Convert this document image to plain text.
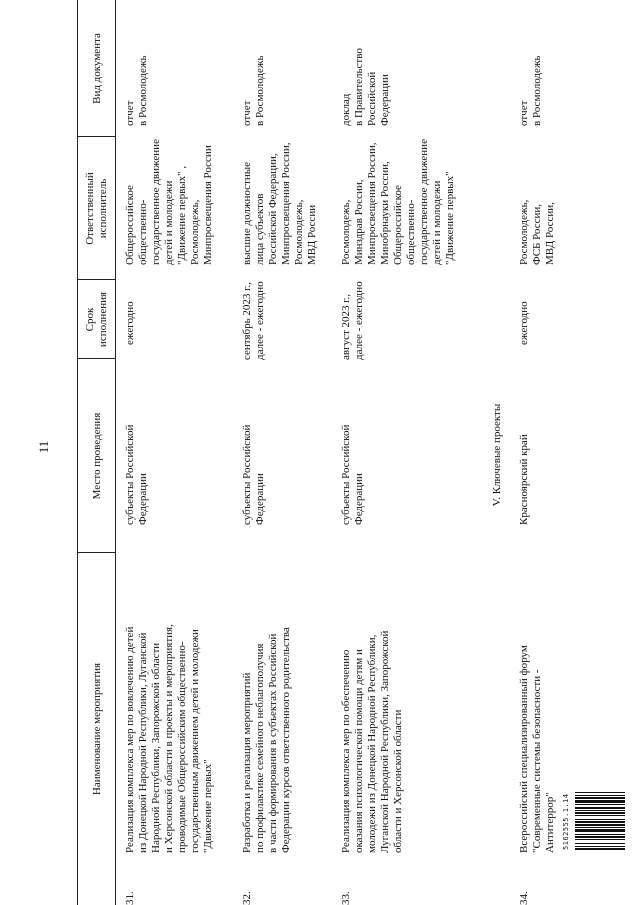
11
Наименование мероприятия
Место проведения
Срок
исполнения
Ответственный
исполнитель
Вид документа
31.
Реализация комплекса мер по вовлечению детей
из Донецкой Народной Республики, Луганской
Народной Республики, Запорожской области
и Херсонской области в проекты и мероприятия,
проводимые Общероссийским общественно-
государственным движением детей и молодежи
"Движение первых"
субъекты Российской
Федерации
ежегодно
Общероссийское
общественно-
государственное движение
детей и молодежи
"Движение первых" ,
Росмолодежь,
Минпросвещения России
отчет
в Росмолодежь
32.
Разработка и реализация мероприятий
по профилактике семейного неблагополучия
в части формирования в субъектах Российской
Федерации курсов ответственного родительства
субъекты Российской
Федерации
сентябрь 2023 г.,
далее - ежегодно
высшие должностные
лица субъектов
Российской Федерации,
Минпросвещения России,
Росмолодежь,
МВД России
отчет
в Росмолодежь
33.
Реализация комплекса мер по обеспечению
оказания психологической помощи детям и
молодежи из Донецкой Народной Республики,
Луганской Народной Республики, Запорожской
области и Херсонской области
субъекты Российской
Федерации
август 2023 г.,
далее - ежегодно
Росмолодежь,
Минздрав России,
Минпросвещения России,
Минобрнауки России,
Общероссийское
общественно-
государственное движение
детей и молодежи
"Движение первых"
доклад
в Правительство
Российской
Федерации
V. Ключевые проекты
34.
Всероссийский специализированный форум
"Современные системы безопасности -
Антитеррор"
Красноярский край
ежегодно
Росмолодежь,
ФСБ России,
МВД России,
отчет
в Росмолодежь
5162555.1.14
